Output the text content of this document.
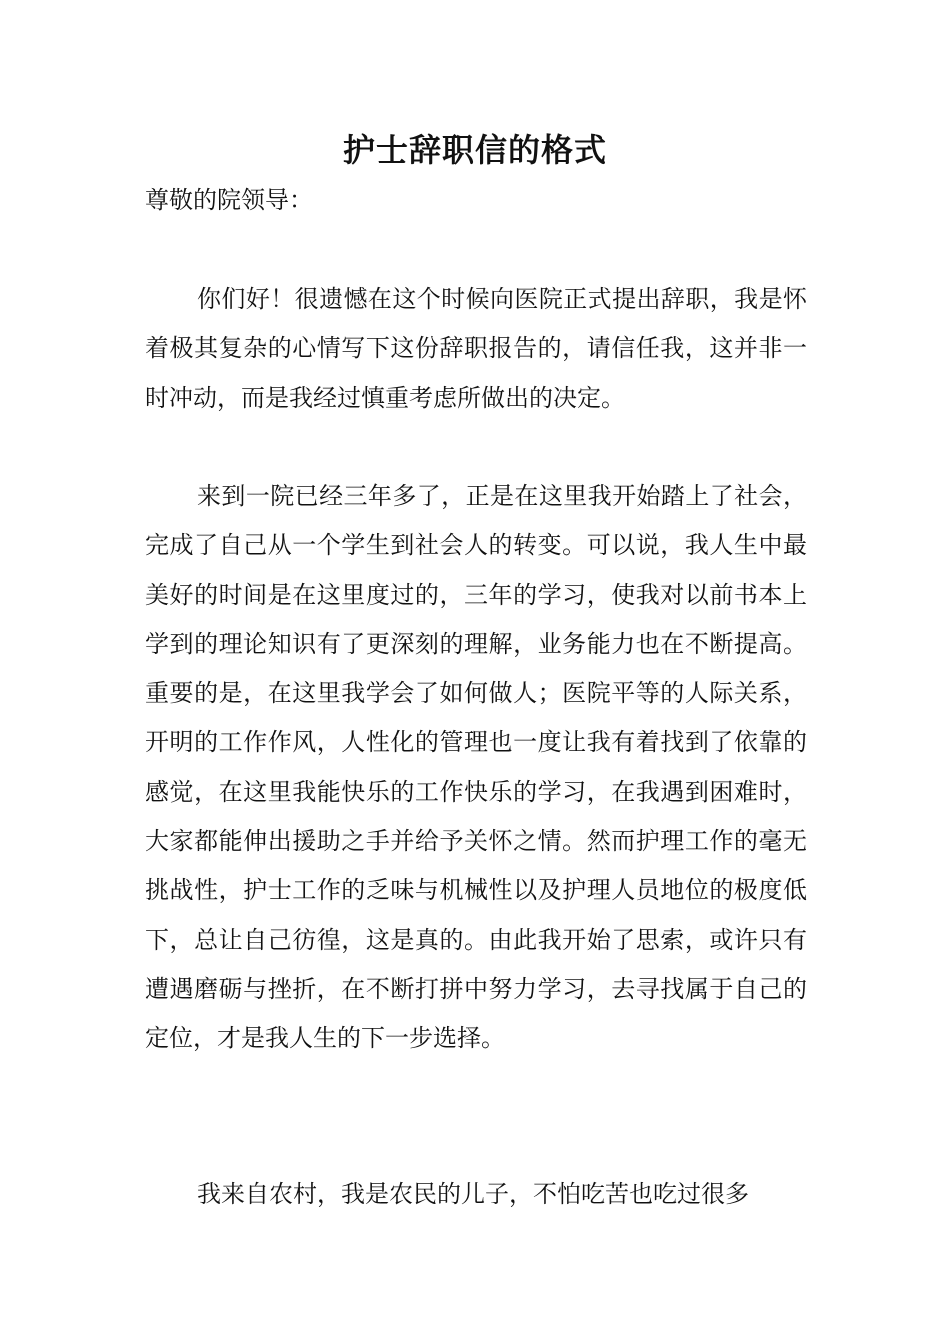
护士辞职信的格式
尊敬的院领导：

你们好！很遗憾在这个时候向医院正式提出辞职，我是怀着极其复杂的心情写下这份辞职报告的，请信任我，这并非一时冲动，而是我经过慎重考虑所做出的决定。

来到一院已经三年多了，正是在这里我开始踏上了社会，完成了自己从一个学生到社会人的转变。可以说，我人生中最美好的时间是在这里度过的，三年的学习，使我对以前书本上学到的理论知识有了更深刻的理解，业务能力也在不断提高。重要的是，在这里我学会了如何做人；医院平等的人际关系，开明的工作作风，人性化的管理也一度让我有着找到了依靠的感觉，在这里我能快乐的工作快乐的学习，在我遇到困难时，大家都能伸出援助之手并给予关怀之情。然而护理工作的毫无挑战性，护士工作的乏味与机械性以及护理人员地位的极度低下，总让自己彷徨，这是真的。由此我开始了思索，或许只有遭遇磨砺与挫折，在不断打拼中努力学习，去寻找属于自己的定位，才是我人生的下一步选择。

我来自农村，我是农民的儿子，不怕吃苦也吃过很多
